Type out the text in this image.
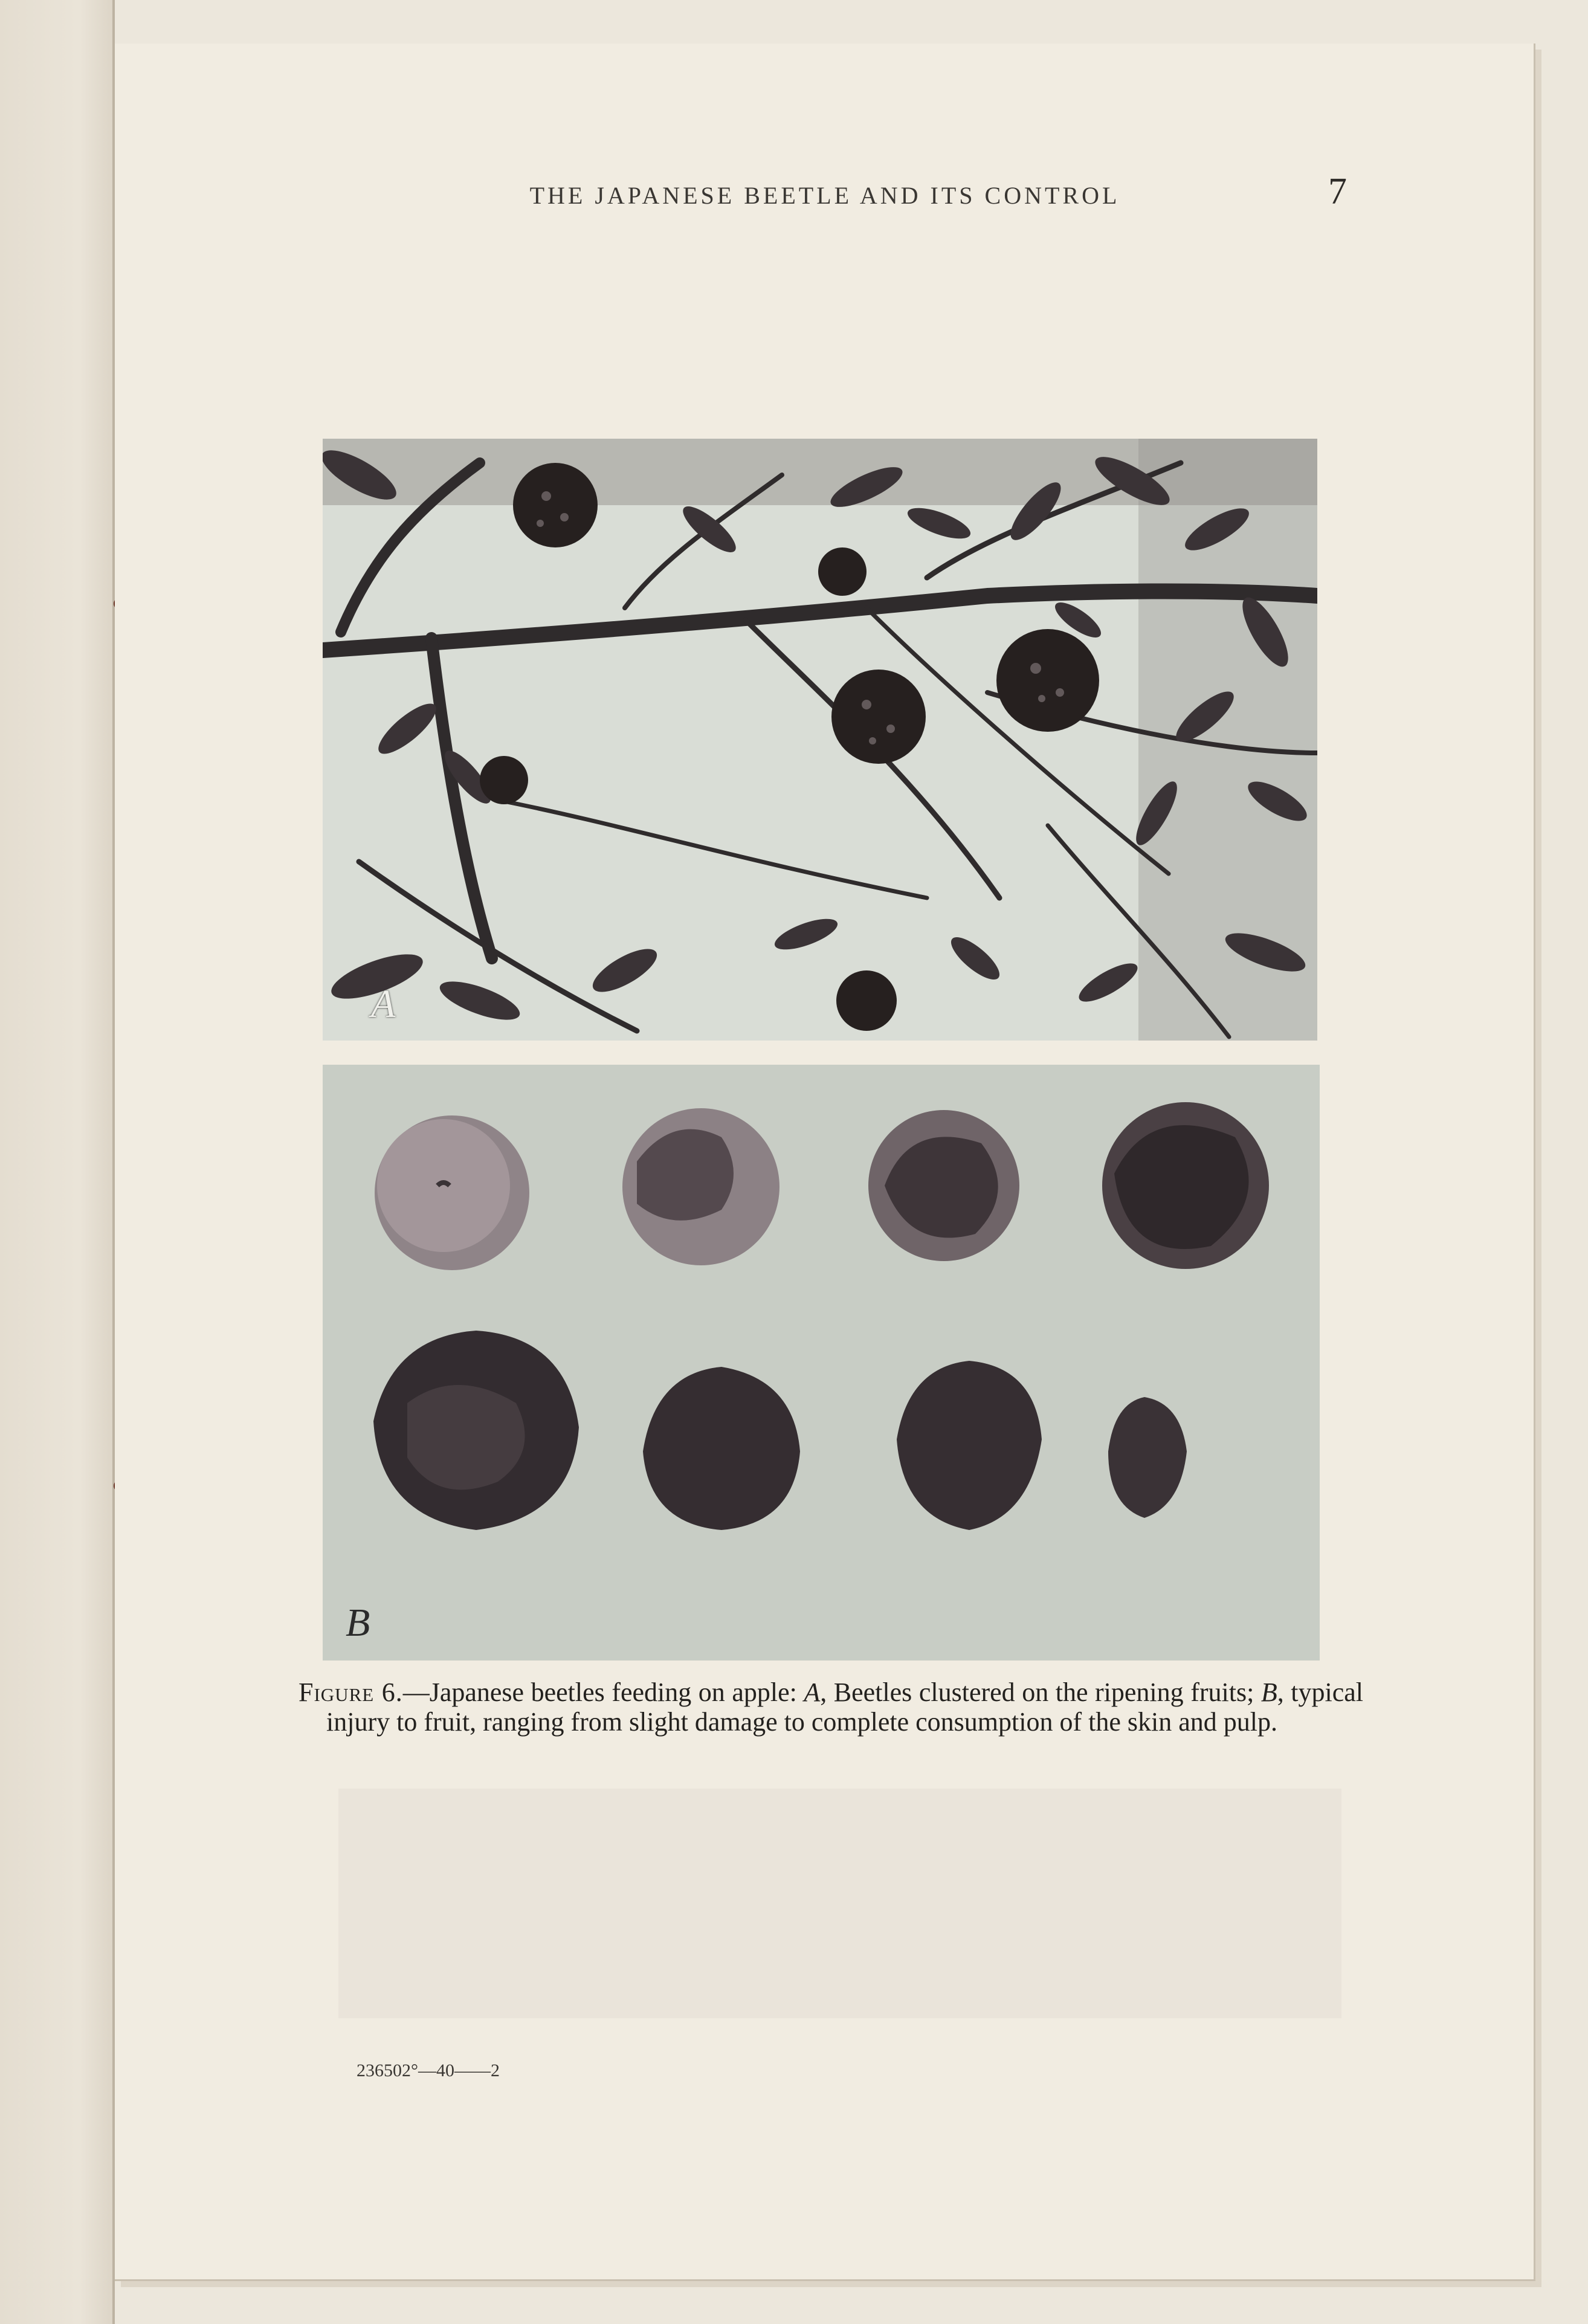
THE JAPANESE BEETLE AND ITS CONTROL	7
A
B

Figure 6.—Japanese beetles feeding on apple: A, Beetles clustered on the ripening fruits; B, typical injury to fruit, ranging from slight damage to complete consumption of the skin and pulp.

236502°—40——2
